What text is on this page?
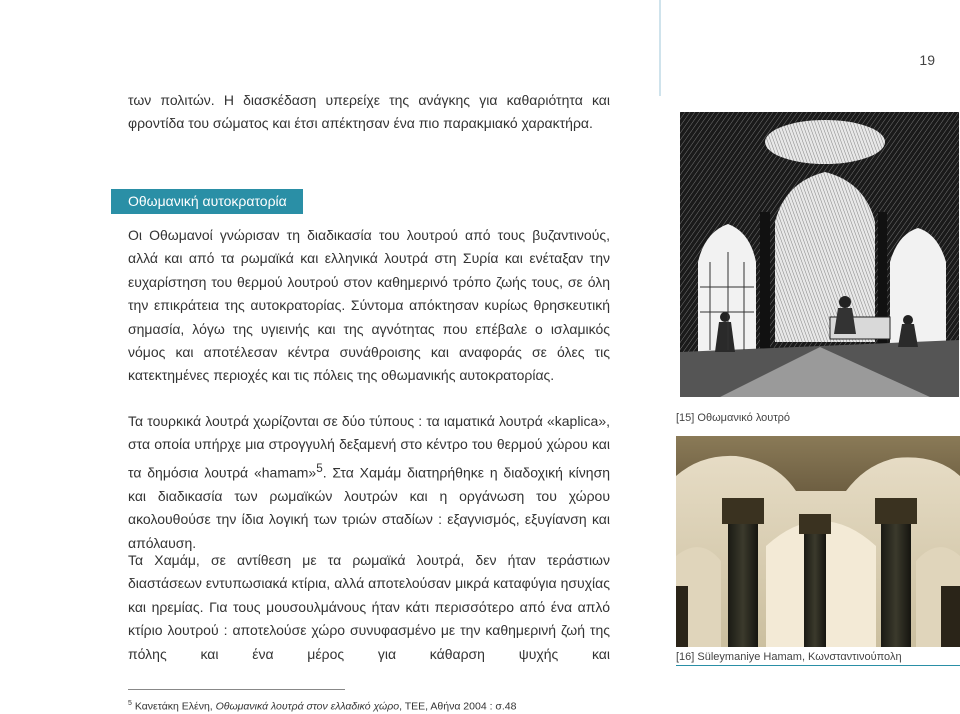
19

των πολιτών. Η διασκέδαση υπερείχε της ανάγκης για καθαριότητα και φροντίδα του σώματος και έτσι απέκτησαν ένα πιο παρακμιακό χαρακτήρα.

Οθωμανική αυτοκρατορία

Οι Οθωμανοί γνώρισαν τη διαδικασία του λουτρού από τους βυζαντινούς, αλλά και από τα ρωμαϊκά και ελληνικά λουτρά στη Συρία και ενέταξαν την ευχαρίστηση του θερμού λουτρού στον καθημερινό τρόπο ζωής τους, σε όλη την επικράτεια της αυτοκρατορίας. Σύντομα απόκτησαν κυρίως θρησκευτική σημασία, λόγω της υγιεινής και της αγνότητας που επέβαλε ο ισλαμικός νόμος και αποτέλεσαν κέντρα συνάθροισης και αναφοράς σε όλες τις κατεκτημένες περιοχές και τις πόλεις της οθωμανικής αυτοκρατορίας.

Τα τουρκικά λουτρά χωρίζονται σε δύο τύπους : τα ιαματικά λουτρά «kaplica», στα οποία υπήρχε μια στρογγυλή δεξαμενή στο κέντρο του θερμού χώρου και τα δημόσια λουτρά «hamam»$^5$. Στα Χαμάμ διατηρήθηκε η διαδοχική κίνηση και διαδικασία των ρωμαϊκών λουτρών και η οργάνωση του χώρου ακολουθούσε την ίδια λογική των τριών σταδίων : εξαγνισμός, εξυγίανση και απόλαυση.

Τα Χαμάμ, σε αντίθεση με τα ρωμαϊκά λουτρά, δεν ήταν τεράστιων διαστάσεων εντυπωσιακά κτίρια, αλλά αποτελούσαν μικρά καταφύγια ησυχίας και ηρεμίας. Για τους μουσουλμάνους ήταν κάτι περισσότερο από ένα απλό κτίριο λουτρού : αποτελούσε χώρο συνυφασμένο με την καθημερινή ζωή της πόλης και ένα μέρος για κάθαρση ψυχής και

$^5$ Κανετάκη Ελένη, Οθωμανικά λουτρά στον ελλαδικό χώρο, ΤΕΕ, Αθήνα 2004 : σ.48
[15] Οθωμανικό λουτρό
[16] Süleymaniye Hamam, Κωνσταντινούπολη
